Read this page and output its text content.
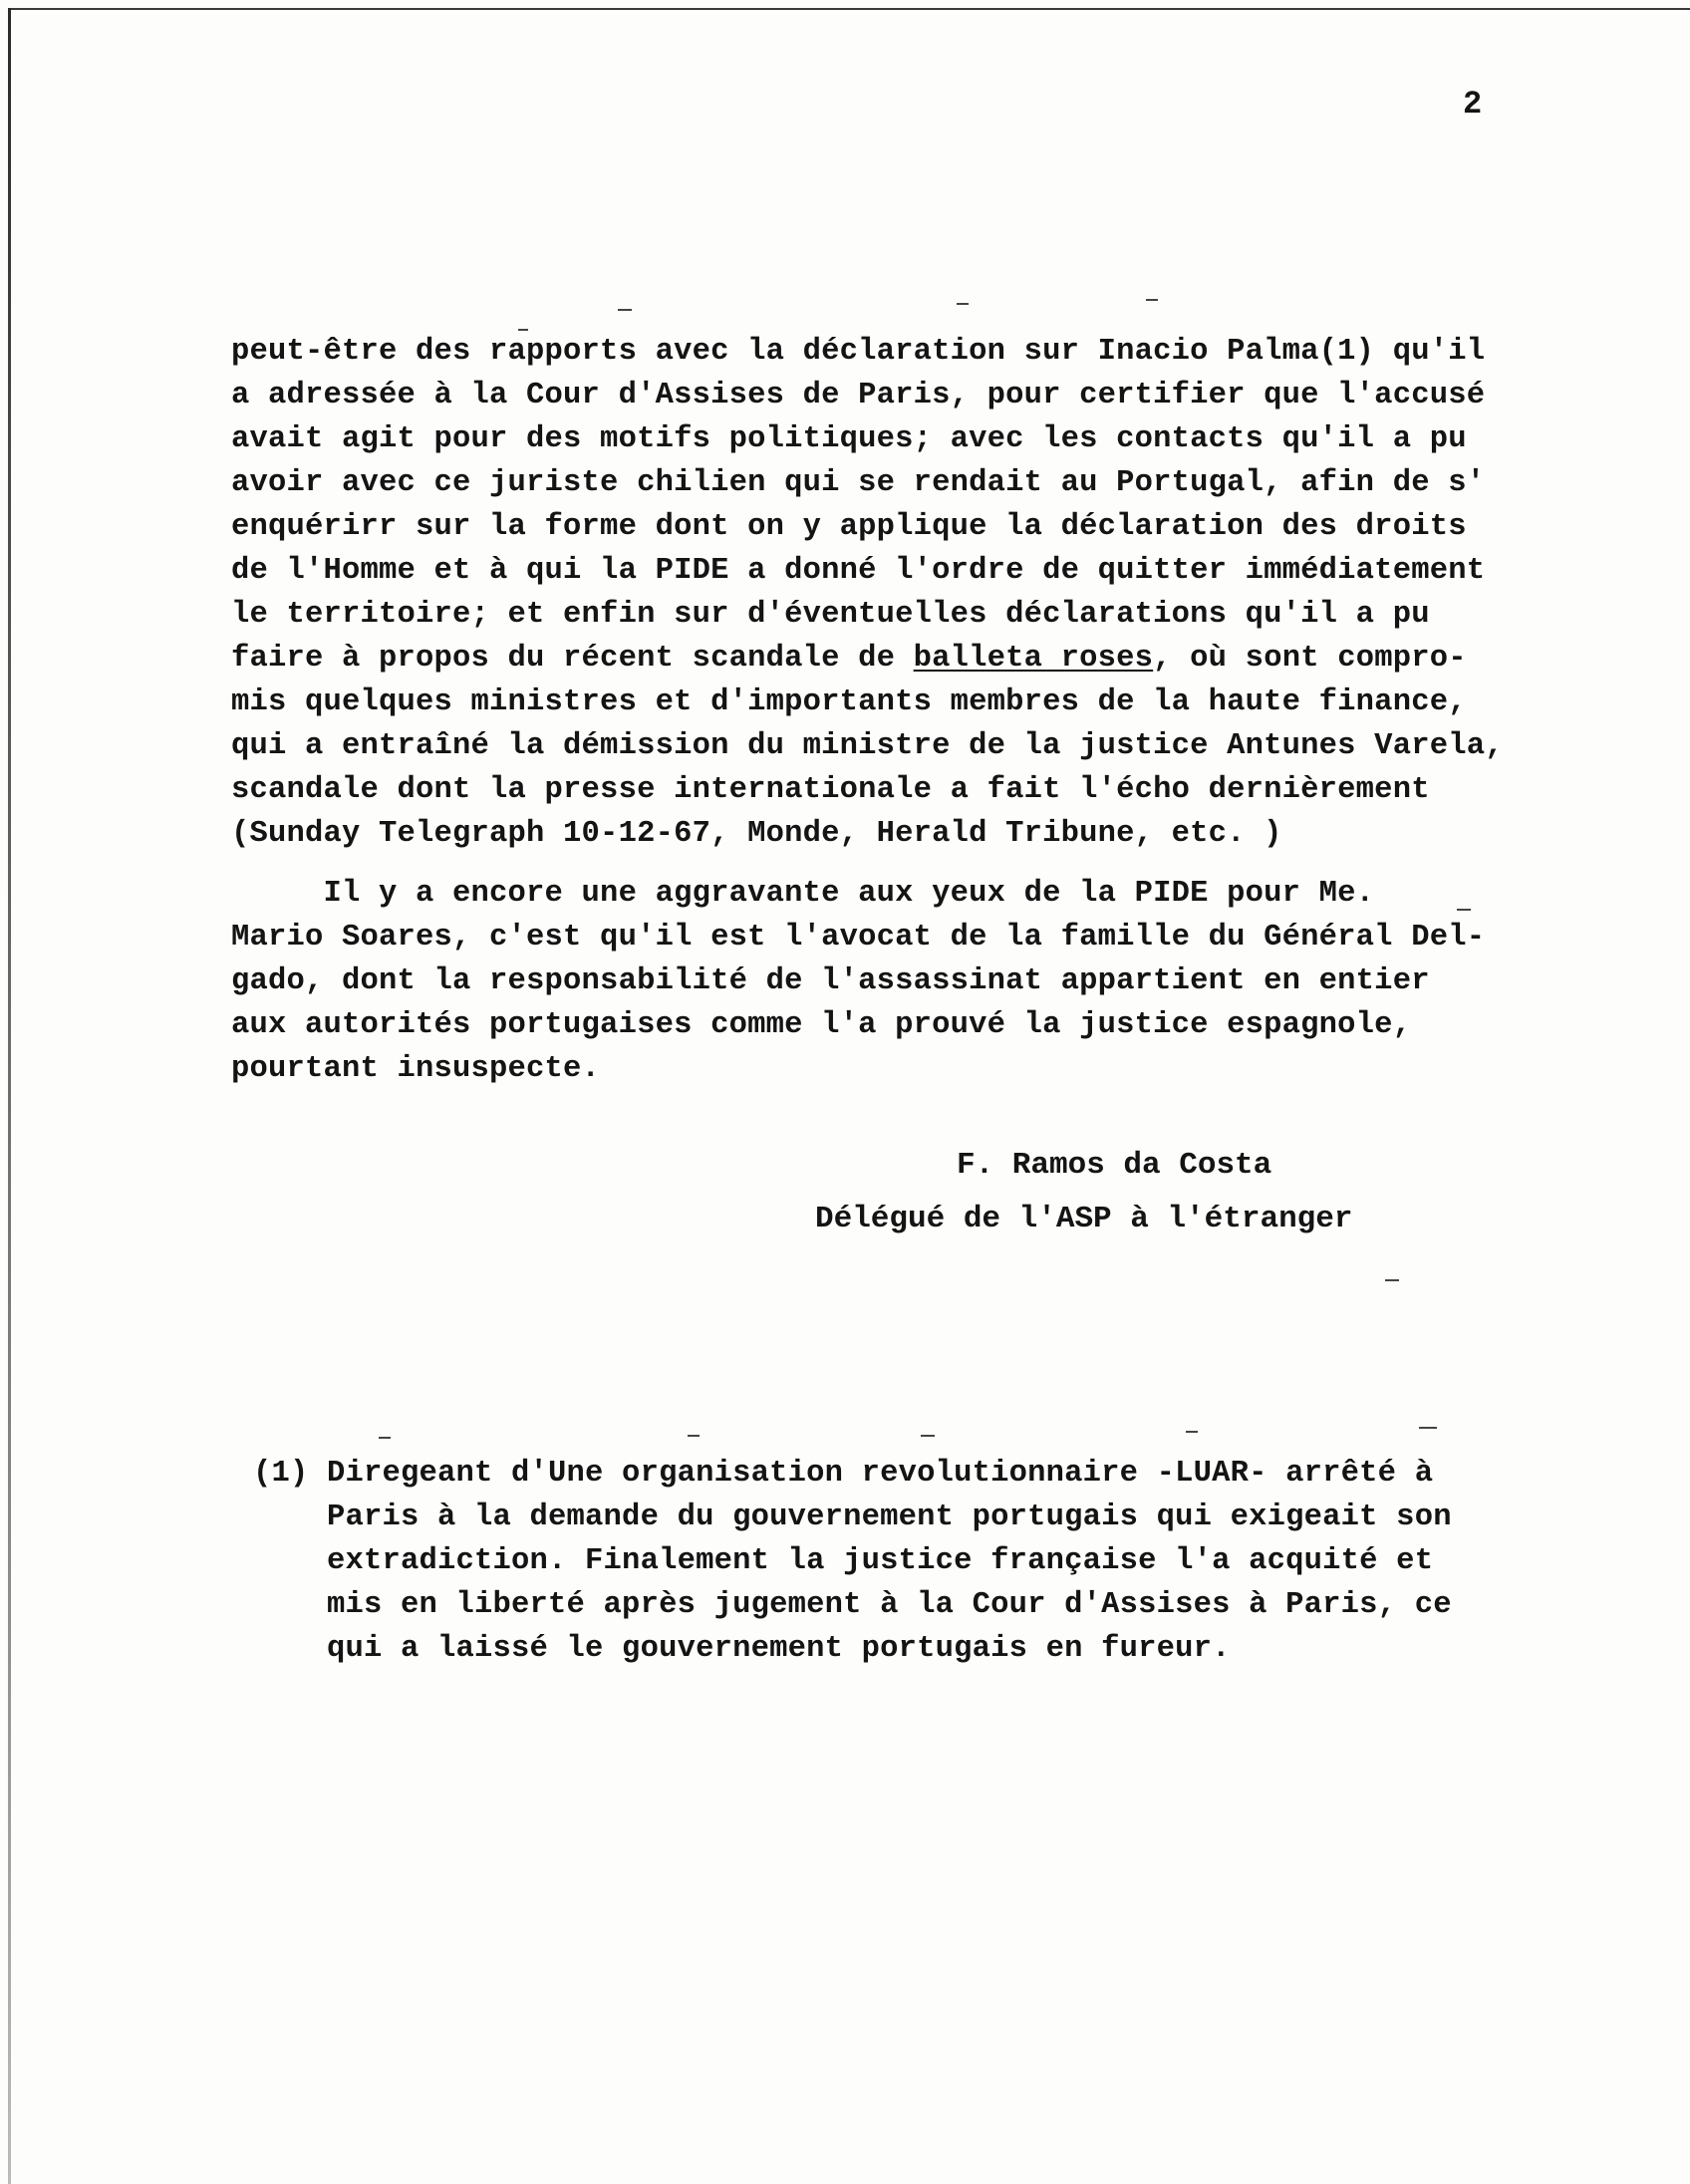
2
peut-être des rapports avec la déclaration sur Inacio Palma(1) qu'il
a adressée à la Cour d'Assises de Paris, pour certifier que l'accusé
avait agit pour des motifs politiques; avec les contacts qu'il a pu
avoir avec ce juriste chilien qui se rendait au Portugal, afin de s'
enquérirr sur la forme dont on y applique la déclaration des droits
de l'Homme et à qui la PIDE a donné l'ordre de quitter immédiatement
le territoire; et enfin sur d'éventuelles déclarations qu'il a pu
faire à propos du récent scandale de balleta roses, où sont compro-
mis quelques ministres et d'importants membres de la haute finance,
qui a entraîné la démission du ministre de la justice Antunes Varela,
scandale dont la presse internationale a fait l'écho dernièrement
(Sunday Telegraph 10-12-67, Monde, Herald Tribune, etc. )
Il y a encore une aggravante aux yeux de la PIDE pour Me.
Mario Soares, c'est qu'il est l'avocat de la famille du Général Del-
gado, dont la responsabilité de l'assassinat appartient en entier
aux autorités portugaises comme l'a prouvé la justice espagnole,
pourtant insuspecte.
F. Ramos da Costa
Délégué de l'ASP à l'étranger
(1) Diregeant d'Une organisation revolutionnaire -LUAR- arrêté à
Paris à la demande du gouvernement portugais qui exigeait son
extradiction. Finalement la justice française l'a acquité et
mis en liberté après jugement à la Cour d'Assises à Paris, ce
qui a laissé le gouvernement portugais en fureur.
